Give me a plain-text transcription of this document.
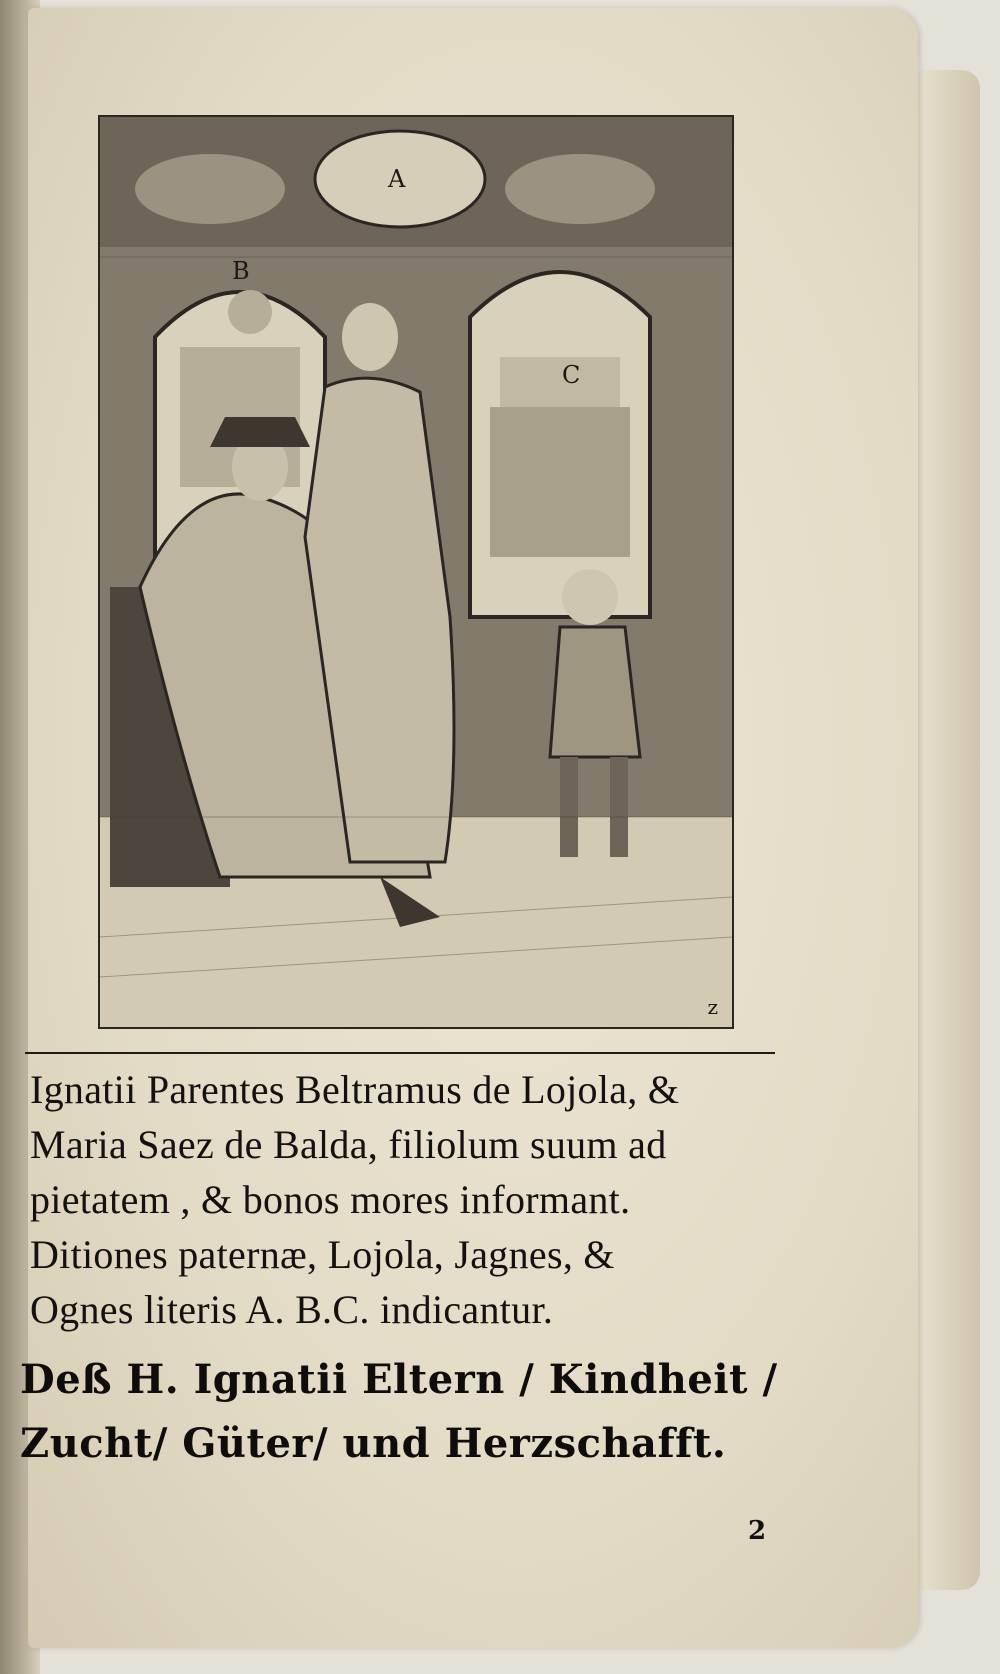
A
B
C
z
Ignatii Parentes Beltramus de Lojola, &
Maria Saez de Balda, filiolum suum ad
pietatem , & bonos mores informant.
Ditiones paternæ, Lojola, Jagnes, &
Ognes literis A. B.C. indicantur.
Deß H. Ignatii Eltern / Kindheit /
Zucht/ Güter/ und Herzschafft.
2
